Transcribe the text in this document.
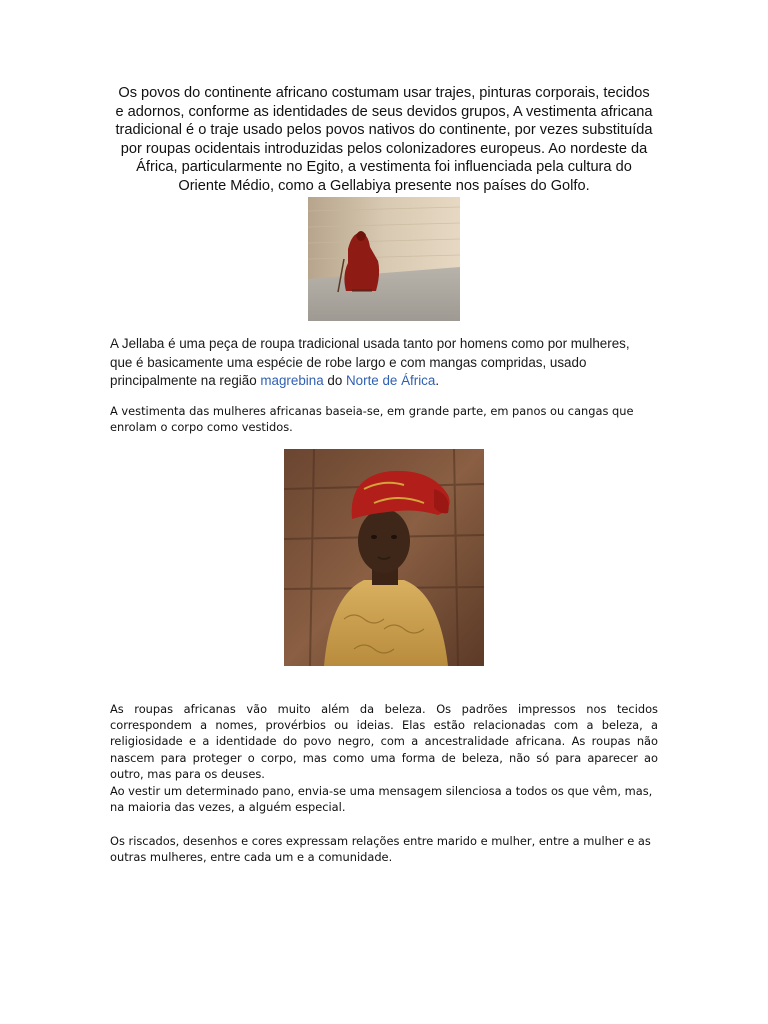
Os povos do continente africano costumam usar trajes, pinturas corporais, tecidos
e adornos, conforme as identidades de seus devidos grupos, A vestimenta africana
tradicional é o traje usado pelos povos nativos do continente, por vezes substituída
por roupas ocidentais introduzidas pelos colonizadores europeus. Ao nordeste da
África, particularmente no Egito, a vestimenta foi influenciada pela cultura do
Oriente Médio, como a Gellabiya presente nos países do Golfo.

A Jellaba é uma peça de roupa tradicional usada tanto por homens como por mulheres,
que é basicamente uma espécie de robe largo e com mangas compridas, usado
principalmente na região magrebina do Norte de África.

A vestimenta das mulheres africanas baseia-se, em grande parte, em panos ou cangas que
enrolam o corpo como vestidos.

As roupas africanas vão muito além da beleza. Os padrões impressos nos tecidos
correspondem a nomes, provérbios ou ideias. Elas estão relacionadas com a beleza, a
religiosidade e a identidade do povo negro, com a ancestralidade africana. As roupas não
nascem para proteger o corpo, mas como uma forma de beleza, não só para aparecer ao
outro, mas para os deuses.

Ao vestir um determinado pano, envia-se uma mensagem silenciosa a todos os que vêm, mas,
na maioria das vezes, a alguém especial.

Os riscados, desenhos e cores expressam relações entre marido e mulher, entre a mulher e as
outras mulheres, entre cada um e a comunidade.
